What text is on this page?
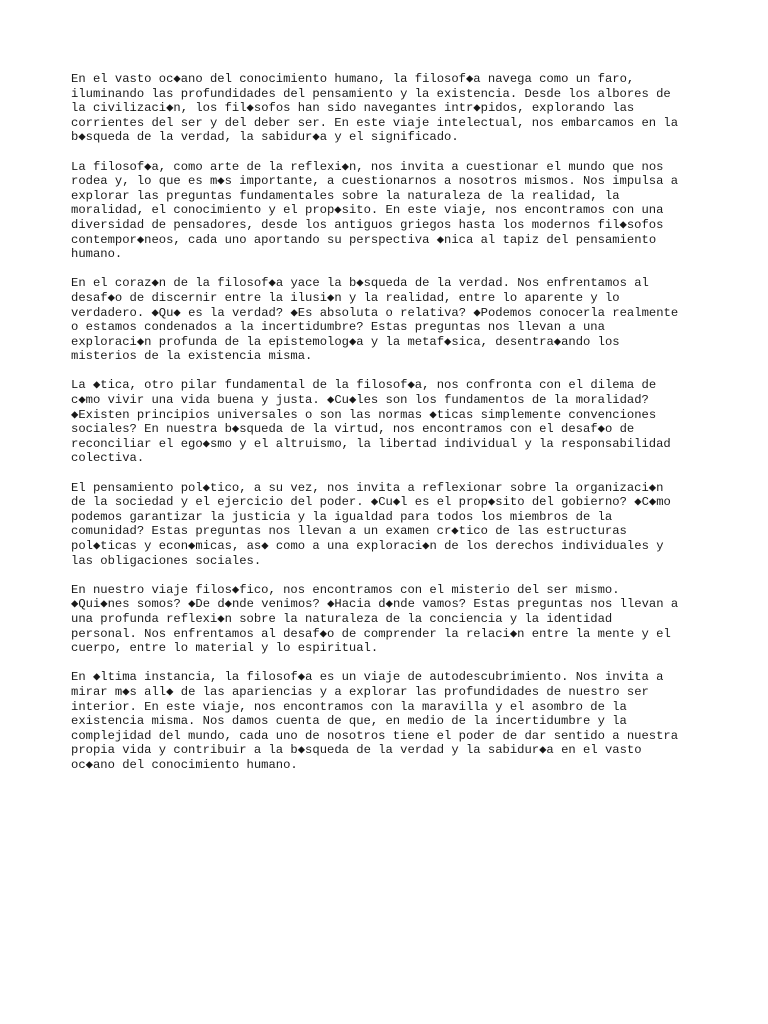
En el vasto oc◆ano del conocimiento humano, la filosof◆a navega como un faro,
iluminando las profundidades del pensamiento y la existencia. Desde los albores de
la civilizaci◆n, los fil◆sofos han sido navegantes intr◆pidos, explorando las
corrientes del ser y del deber ser. En este viaje intelectual, nos embarcamos en la
b◆squeda de la verdad, la sabidur◆a y el significado.

La filosof◆a, como arte de la reflexi◆n, nos invita a cuestionar el mundo que nos
rodea y, lo que es m◆s importante, a cuestionarnos a nosotros mismos. Nos impulsa a
explorar las preguntas fundamentales sobre la naturaleza de la realidad, la
moralidad, el conocimiento y el prop◆sito. En este viaje, nos encontramos con una
diversidad de pensadores, desde los antiguos griegos hasta los modernos fil◆sofos
contempor◆neos, cada uno aportando su perspectiva ◆nica al tapiz del pensamiento
humano.

En el coraz◆n de la filosof◆a yace la b◆squeda de la verdad. Nos enfrentamos al
desaf◆o de discernir entre la ilusi◆n y la realidad, entre lo aparente y lo
verdadero. ◆Qu◆ es la verdad? ◆Es absoluta o relativa? ◆Podemos conocerla realmente
o estamos condenados a la incertidumbre? Estas preguntas nos llevan a una
exploraci◆n profunda de la epistemolog◆a y la metaf◆sica, desentra◆ando los
misterios de la existencia misma.

La ◆tica, otro pilar fundamental de la filosof◆a, nos confronta con el dilema de
c◆mo vivir una vida buena y justa. ◆Cu◆les son los fundamentos de la moralidad?
◆Existen principios universales o son las normas ◆ticas simplemente convenciones
sociales? En nuestra b◆squeda de la virtud, nos encontramos con el desaf◆o de
reconciliar el ego◆smo y el altruismo, la libertad individual y la responsabilidad
colectiva.

El pensamiento pol◆tico, a su vez, nos invita a reflexionar sobre la organizaci◆n
de la sociedad y el ejercicio del poder. ◆Cu◆l es el prop◆sito del gobierno? ◆C◆mo
podemos garantizar la justicia y la igualdad para todos los miembros de la
comunidad? Estas preguntas nos llevan a un examen cr◆tico de las estructuras
pol◆ticas y econ◆micas, as◆ como a una exploraci◆n de los derechos individuales y
las obligaciones sociales.

En nuestro viaje filos◆fico, nos encontramos con el misterio del ser mismo.
◆Qui◆nes somos? ◆De d◆nde venimos? ◆Hacia d◆nde vamos? Estas preguntas nos llevan a
una profunda reflexi◆n sobre la naturaleza de la conciencia y la identidad
personal. Nos enfrentamos al desaf◆o de comprender la relaci◆n entre la mente y el
cuerpo, entre lo material y lo espiritual.

En ◆ltima instancia, la filosof◆a es un viaje de autodescubrimiento. Nos invita a
mirar m◆s all◆ de las apariencias y a explorar las profundidades de nuestro ser
interior. En este viaje, nos encontramos con la maravilla y el asombro de la
existencia misma. Nos damos cuenta de que, en medio de la incertidumbre y la
complejidad del mundo, cada uno de nosotros tiene el poder de dar sentido a nuestra
propia vida y contribuir a la b◆squeda de la verdad y la sabidur◆a en el vasto
oc◆ano del conocimiento humano.
